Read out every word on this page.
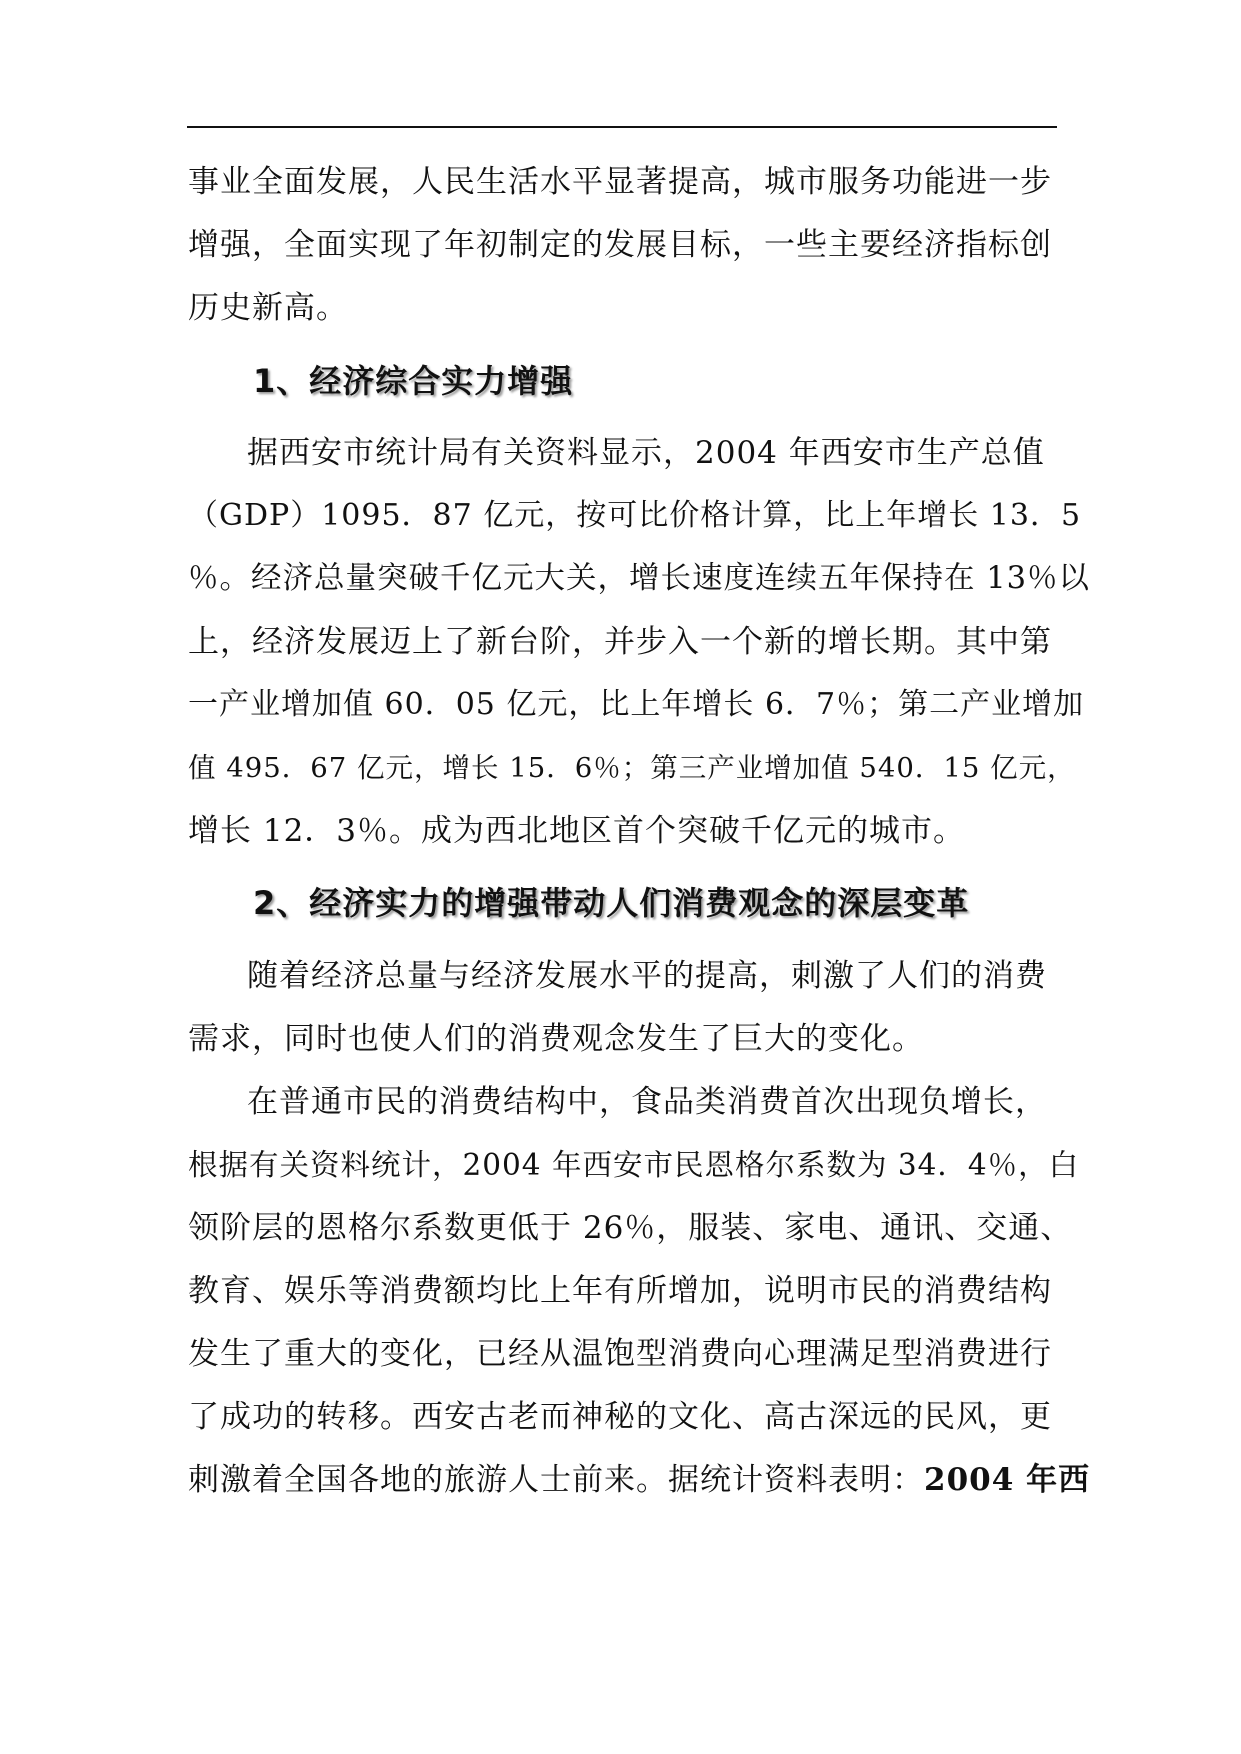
事业全面发展，人民生活水平显著提高，城市服务功能进一步
增强，全面实现了年初制定的发展目标，一些主要经济指标创
历史新高。
1、经济综合实力增强
据西安市统计局有关资料显示，2004 年西安市生产总值
（GDP）1095．87 亿元，按可比价格计算，比上年增长 13．5
％。经济总量突破千亿元大关，增长速度连续五年保持在 13％以
上，经济发展迈上了新台阶，并步入一个新的增长期。其中第
一产业增加值 60．05 亿元，比上年增长 6．7％；第二产业增加
值 495．67 亿元，增长 15．6％；第三产业增加值 540．15 亿元，
增长 12．3％。成为西北地区首个突破千亿元的城市。
2、经济实力的增强带动人们消费观念的深层变革
随着经济总量与经济发展水平的提高，刺激了人们的消费
需求，同时也使人们的消费观念发生了巨大的变化。
在普通市民的消费结构中，食品类消费首次出现负增长，
根据有关资料统计，2004 年西安市民恩格尔系数为 34．4％，白
领阶层的恩格尔系数更低于 26％，服装、家电、通讯、交通、
教育、娱乐等消费额均比上年有所增加，说明市民的消费结构
发生了重大的变化，已经从温饱型消费向心理满足型消费进行
了成功的转移。西安古老而神秘的文化、高古深远的民风，更
刺激着全国各地的旅游人士前来。据统计资料表明：2004 年西
